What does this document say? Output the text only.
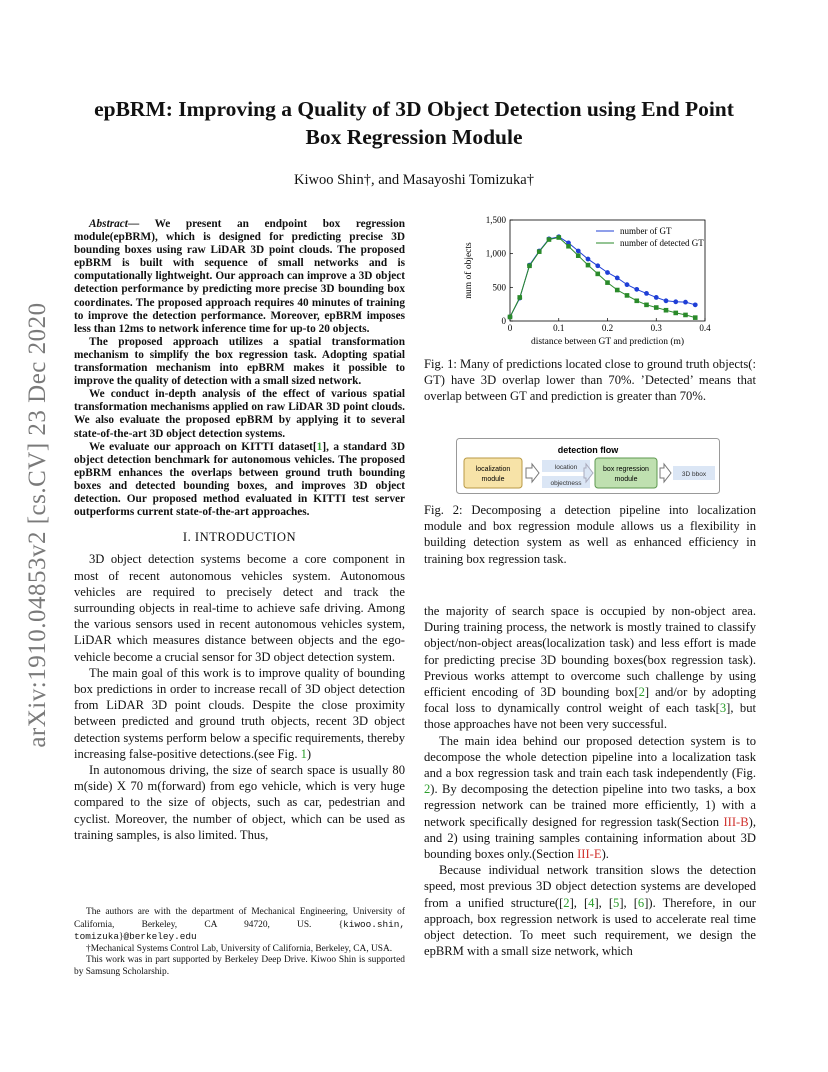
arXiv:1910.04853v2 [cs.CV] 23 Dec 2020
epBRM: Improving a Quality of 3D Object Detection using End Point
Box Regression Module
Kiwoo Shin†, and Masayoshi Tomizuka†

Abstract— We present an endpoint box regression module(epBRM), which is designed for predicting precise 3D bounding boxes using raw LiDAR 3D point clouds. The proposed epBRM is built with sequence of small networks and is computationally lightweight. Our approach can improve a 3D object detection performance by predicting more precise 3D bounding box coordinates. The proposed approach requires 40 minutes of training to improve the detection performance. Moreover, epBRM imposes less than 12ms to network inference time for up-to 20 objects.

The proposed approach utilizes a spatial transformation mechanism to simplify the box regression task. Adopting spatial transformation mechanism into epBRM makes it possible to improve the quality of detection with a small sized network.

We conduct in-depth analysis of the effect of various spatial transformation mechanisms applied on raw LiDAR 3D point clouds. We also evaluate the proposed epBRM by applying it to several state-of-the-art 3D object detection systems.

We evaluate our approach on KITTI dataset[1], a standard 3D object detection benchmark for autonomous vehicles. The proposed epBRM enhances the overlaps between ground truth bounding boxes and detected bounding boxes, and improves 3D object detection. Our proposed method evaluated in KITTI test server outperforms current state-of-the-art approaches.

I. INTRODUCTION

3D object detection systems become a core component in most of recent autonomous vehicles system. Autonomous vehicles are required to precisely detect and track the surrounding objects in real-time to achieve safe driving. Among the various sensors used in recent autonomous vehicles system, LiDAR which measures distance between objects and the ego-vehicle become a crucial sensor for 3D object detection system.

The main goal of this work is to improve quality of bounding box predictions in order to increase recall of 3D object detection from LiDAR 3D point clouds. Despite the close proximity between predicted and ground truth objects, recent 3D object detection systems perform below a specific requirements, thereby increasing false-positive detections.(see Fig. 1)

In autonomous driving, the size of search space is usually 80 m(side) X 70 m(forward) from ego vehicle, which is very huge compared to the size of objects, such as car, pedestrian and cyclist. Moreover, the number of object, which can be used as training samples, is also limited. Thus,

The authors are with the department of Mechanical Engineering, University of California, Berkeley, CA 94720, US. {kiwoo.shin, tomizuka}@berkeley.edu

†Mechanical Systems Control Lab, University of California, Berkeley, CA, USA.

This work was in part supported by Berkeley Deep Drive. Kiwoo Shin is supported by Samsung Scholarship.

0	0.1	0.2	0.3	0.4
0
500
1,000
1,500
distance between GT and prediction (m)
num of objects
number of GT
number of detected GT
Fig. 1: Many of predictions located close to ground truth objects(: GT) have 3D overlap lower than 70%. ’Detected’ means that overlap between GT and prediction is greater than 70%.
detection flow
localization
module
location
objectness
box regression
module
3D bbox
Fig. 2: Decomposing a detection pipeline into localization module and box regression module allows us a flexibility in building detection system as well as enhanced efficiency in training box regression task.

the majority of search space is occupied by non-object area. During training process, the network is mostly trained to classify object/non-object areas(localization task) and less effort is made for predicting precise 3D bounding boxes(box regression task). Previous works attempt to overcome such challenge by using efficient encoding of 3D bounding box[2] and/or by adopting focal loss to dynamically control weight of each task[3], but those approaches have not been very successful.

The main idea behind our proposed detection system is to decompose the whole detection pipeline into a localization task and a box regression task and train each task independently (Fig. 2). By decomposing the detection pipeline into two tasks, a box regression network can be trained more efficiently, 1) with a network specifically designed for regression task(Section III-B), and 2) using training samples containing information about 3D bounding boxes only.(Section III-E).

Because individual network transition slows the detection speed, most previous 3D object detection systems are developed from a unified structure([2], [4], [5], [6]). Therefore, in our approach, box regression network is used to accelerate real time object detection. To meet such requirement, we design the epBRM with a small size network, which
